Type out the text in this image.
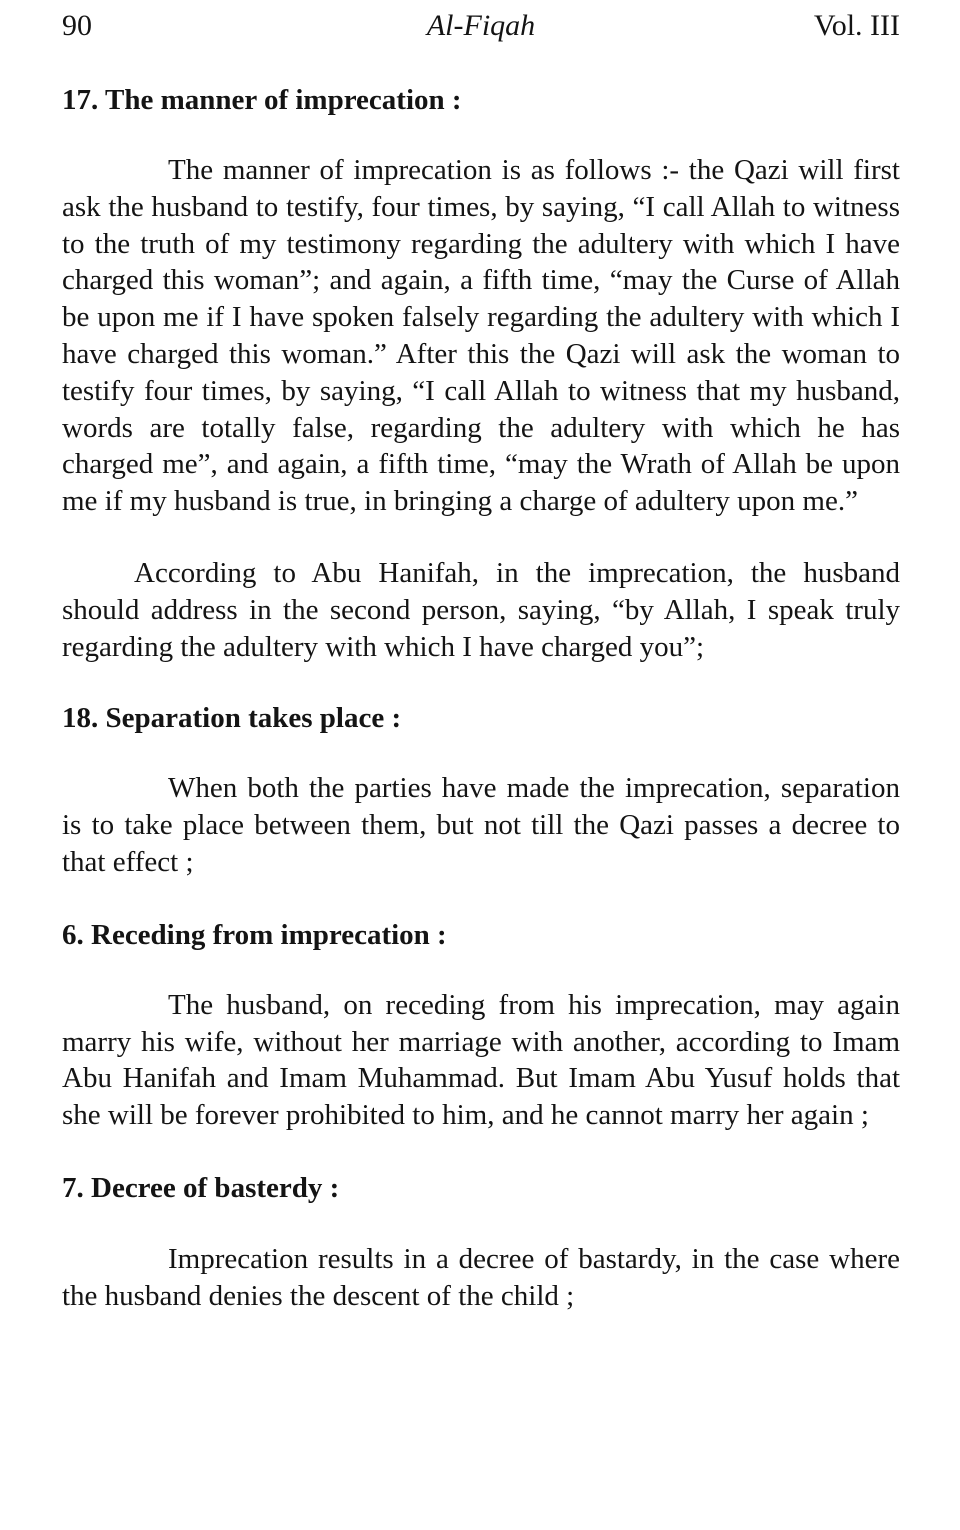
90	Al-Fiqah	Vol. III

17. The manner of imprecation :

The manner of imprecation is as follows :- the Qazi will first ask the husband to testify, four times, by saying, “I call Allah to witness to the truth of my testimony regarding the adultery with which I have charged this woman”; and again, a fifth time, “may the Curse of Allah be upon me if I have spoken falsely regarding the adultery with which I have charged this woman.” After this the Qazi will ask the woman to testify four times, by saying, “I call Allah to witness that my husband, words are totally false, regarding the adultery with which he has charged me”, and again, a fifth time, “may the Wrath of Allah be upon me if my husband is true, in bringing a charge of adultery upon me.”

According to Abu Hanifah, in the imprecation, the husband should address in the second person, saying, “by Allah, I speak truly regarding the adultery with which I have charged you”;

18. Separation takes place :

When both the parties have made the imprecation, separation is to take place between them, but not till the Qazi passes a decree to that effect ;

6. Receding from imprecation :

The husband, on receding from his imprecation, may again marry his wife, without her marriage with another, according to Imam Abu Hanifah and Imam Muhammad. But Imam Abu Yusuf holds that she will be forever prohibited to him, and he cannot marry her again ;

7. Decree of basterdy :

Imprecation results in a decree of bastardy, in the case where the husband denies the descent of the child ;
